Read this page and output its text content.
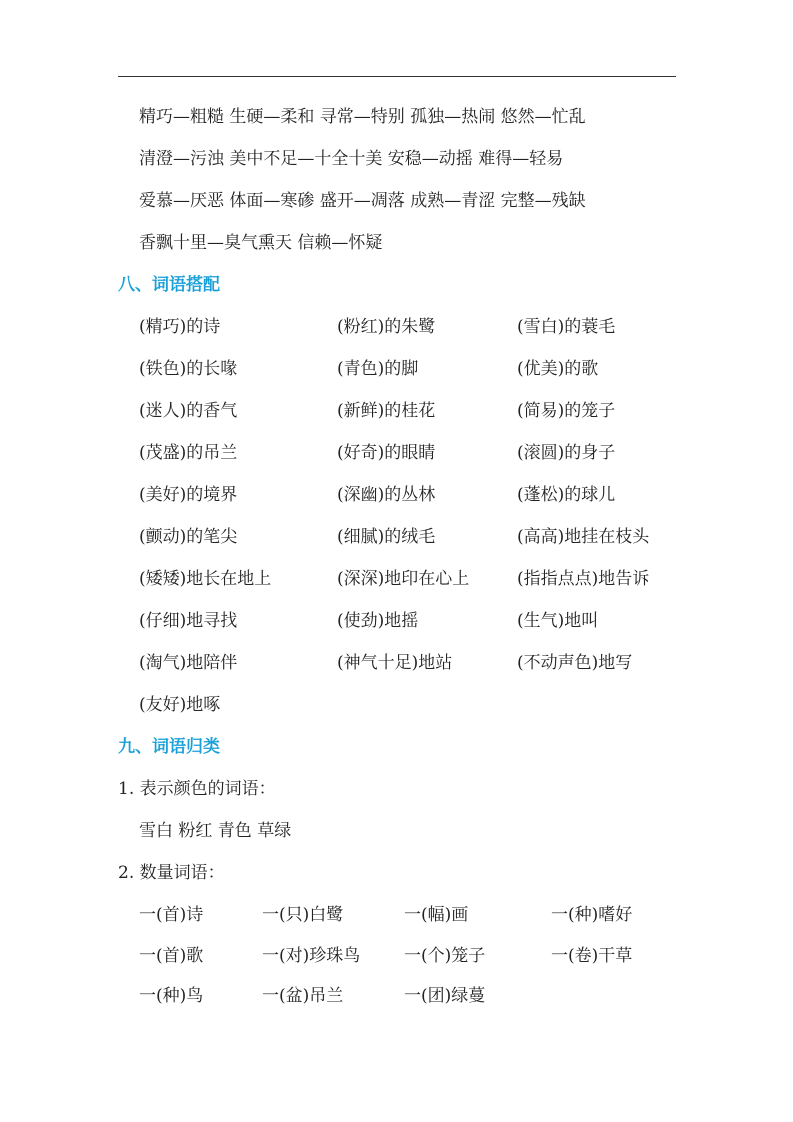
精巧—粗糙 生硬—柔和 寻常—特别 孤独—热闹 悠然—忙乱
清澄—污浊 美中不足—十全十美 安稳—动摇 难得—轻易
爱慕—厌恶 体面—寒碜 盛开—凋落 成熟—青涩 完整—残缺
香飘十里—臭气熏天 信赖—怀疑
八、词语搭配
(精巧)的诗	(粉红)的朱鹭	(雪白)的蓑毛
(铁色)的长喙	(青色)的脚	(优美)的歌
(迷人)的香气	(新鲜)的桂花	(简易)的笼子
(茂盛)的吊兰	(好奇)的眼睛	(滚圆)的身子
(美好)的境界	(深幽)的丛林	(蓬松)的球儿
(颤动)的笔尖	(细腻)的绒毛	(高高)地挂在枝头
(矮矮)地长在地上	(深深)地印在心上	(指指点点)地告诉
(仔细)地寻找	(使劲)地摇	(生气)地叫
(淘气)地陪伴	(神气十足)地站	(不动声色)地写
(友好)地啄
九、词语归类
1. 表示颜色的词语：
雪白 粉红 青色 草绿
2. 数量词语：
一(首)诗	一(只)白鹭	一(幅)画	一(种)嗜好
一(首)歌	一(对)珍珠鸟	一(个)笼子	一(卷)干草
一(种)鸟	一(盆)吊兰	一(团)绿蔓
